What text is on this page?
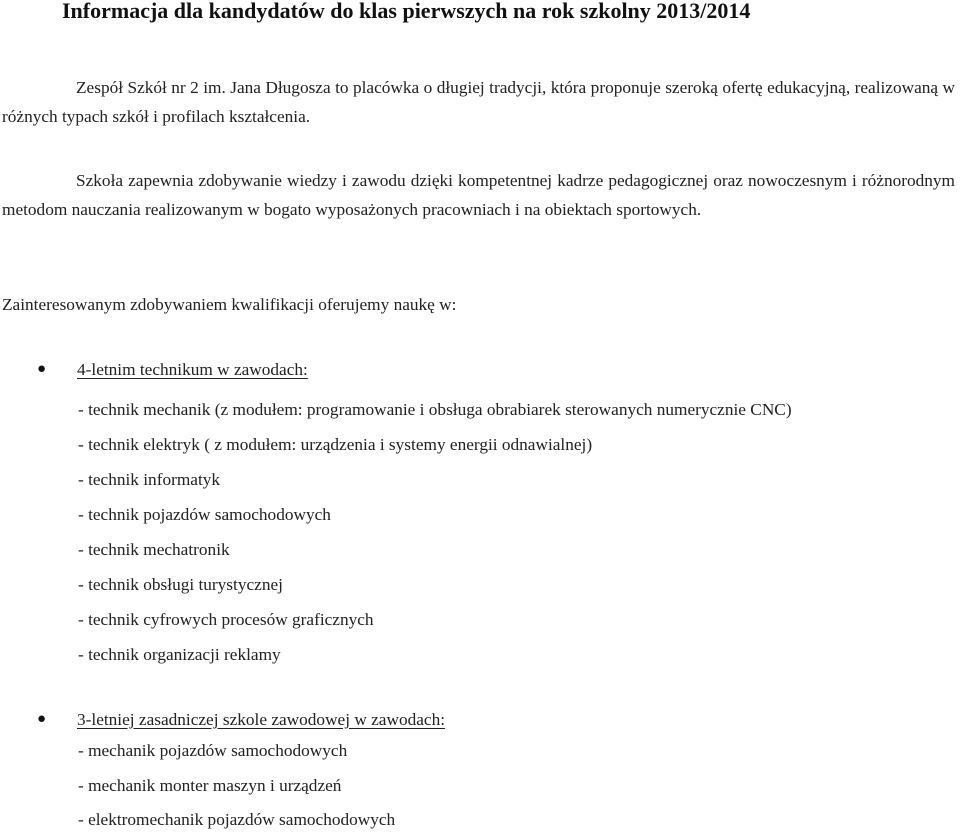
Informacja dla kandydatów do klas pierwszych na rok szkolny 2013/2014

Zespół Szkół nr 2 im. Jana Długosza to placówka o długiej tradycji, która proponuje szeroką ofertę edukacyjną, realizowaną w różnych typach szkół i profilach kształcenia.

Szkoła zapewnia zdobywanie wiedzy i zawodu dzięki kompetentnej kadrze pedagogicznej oraz nowoczesnym i różnorodnym metodom nauczania realizowanym w bogato wyposażonych pracowniach i na obiektach sportowych.

Zainteresowanym zdobywaniem kwalifikacji oferujemy naukę w:

● 4-letnim technikum w zawodach:
- technik mechanik (z modułem: programowanie i obsługa obrabiarek sterowanych numerycznie CNC)
- technik elektryk ( z modułem: urządzenia i systemy energii odnawialnej)
- technik informatyk
- technik pojazdów samochodowych
- technik mechatronik
- technik obsługi turystycznej
- technik cyfrowych procesów graficznych
- technik organizacji reklamy
● 3-letniej zasadniczej szkole zawodowej w zawodach:
- mechanik pojazdów samochodowych
- mechanik monter maszyn i urządzeń
- elektromechanik pojazdów samochodowych
